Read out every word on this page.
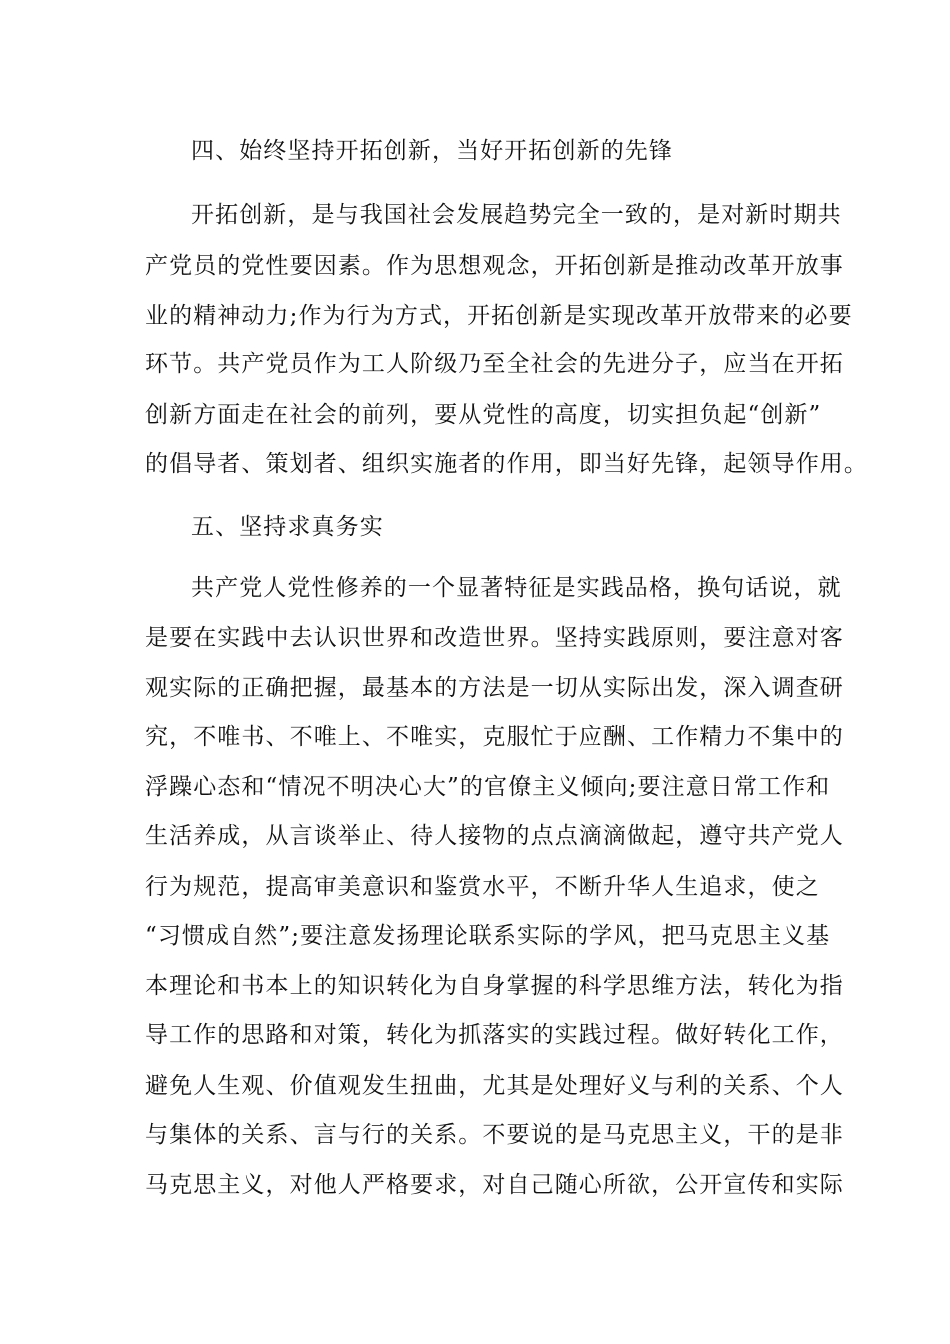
四、始终坚持开拓创新，当好开拓创新的先锋
开拓创新，是与我国社会发展趋势完全一致的，是对新时期共
产党员的党性要因素。作为思想观念，开拓创新是推动改革开放事
业的精神动力;作为行为方式，开拓创新是实现改革开放带来的必要
环节。共产党员作为工人阶级乃至全社会的先进分子，应当在开拓
创新方面走在社会的前列，要从党性的高度，切实担负起“创新”
的倡导者、策划者、组织实施者的作用，即当好先锋，起领导作用。
五、坚持求真务实
共产党人党性修养的一个显著特征是实践品格，换句话说，就
是要在实践中去认识世界和改造世界。坚持实践原则，要注意对客
观实际的正确把握，最基本的方法是一切从实际出发，深入调查研
究，不唯书、不唯上、不唯实，克服忙于应酬、工作精力不集中的
浮躁心态和“情况不明决心大”的官僚主义倾向;要注意日常工作和
生活养成，从言谈举止、待人接物的点点滴滴做起，遵守共产党人
行为规范，提高审美意识和鉴赏水平，不断升华人生追求，使之
“习惯成自然”;要注意发扬理论联系实际的学风，把马克思主义基
本理论和书本上的知识转化为自身掌握的科学思维方法，转化为指
导工作的思路和对策，转化为抓落实的实践过程。做好转化工作，
避免人生观、价值观发生扭曲，尤其是处理好义与利的关系、个人
与集体的关系、言与行的关系。不要说的是马克思主义，干的是非
马克思主义，对他人严格要求，对自己随心所欲，公开宣传和实际
